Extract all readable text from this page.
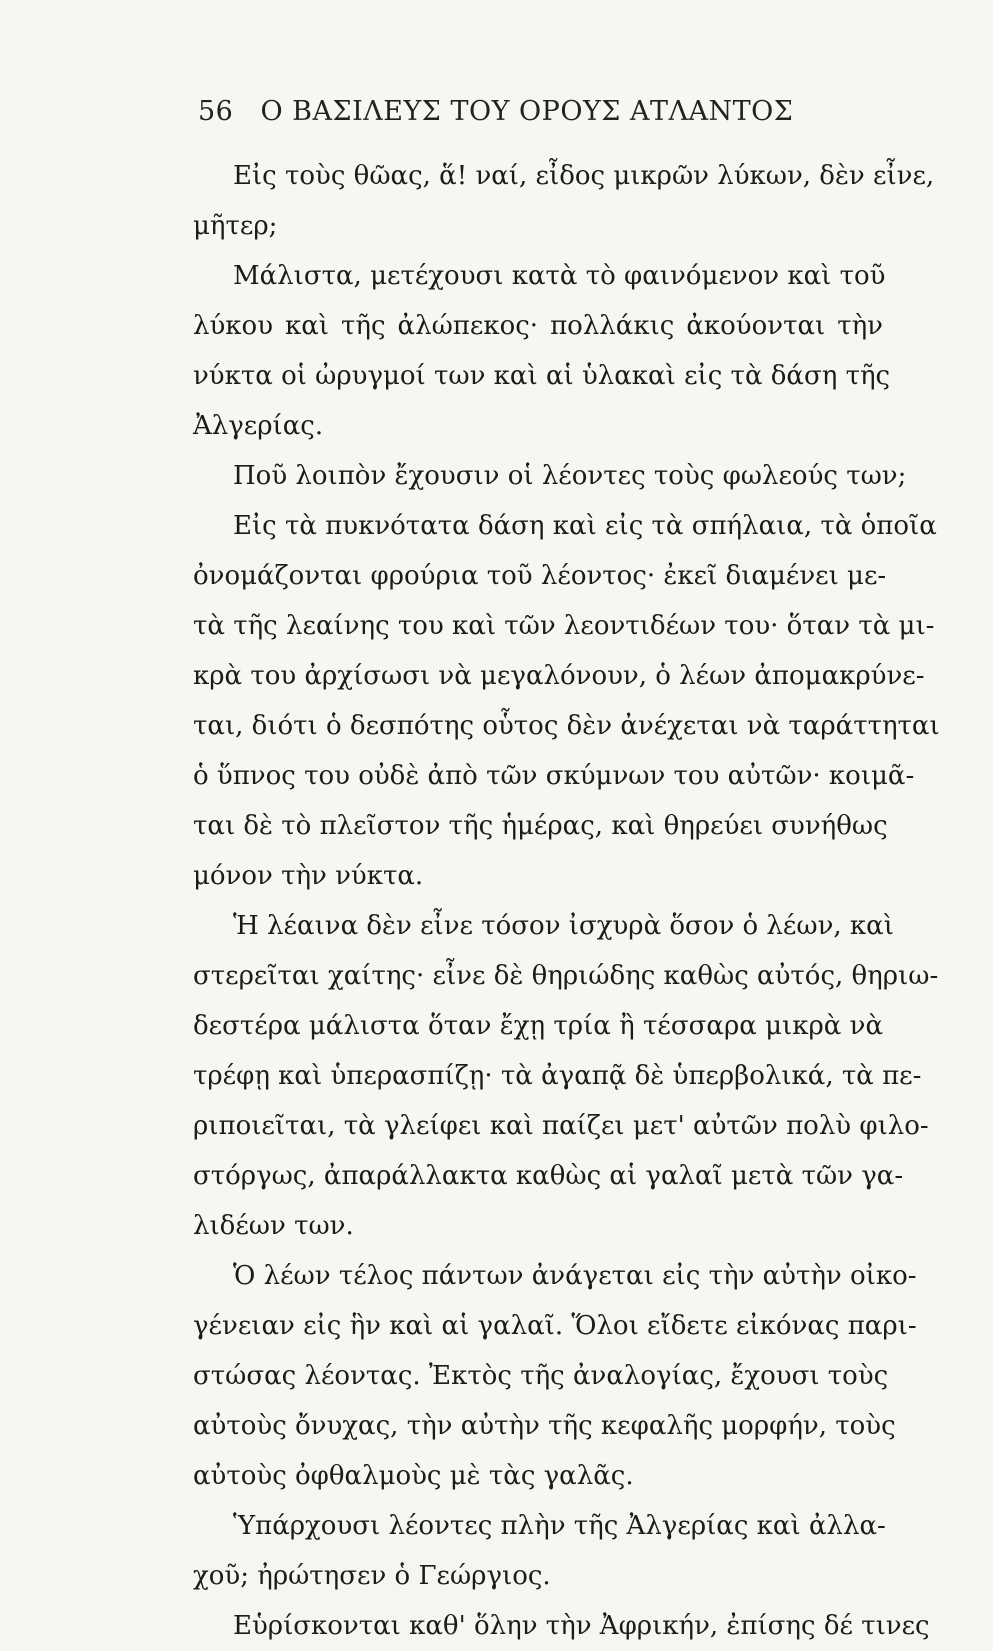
56 Ο ΒΑΣΙΛΕΥΣ ΤΟΥ ΟΡΟΥΣ ΑΤΛΑΝΤΟΣ
Εἰς τοὺς θῶας, ἅ! ναί, εἶδος μικρῶν λύκων, δὲν εἶνε,
μῆτερ;
Μάλιστα, μετέχουσι κατὰ τὸ φαινόμενον καὶ τοῦ
λύκου καὶ τῆς ἀλώπεκος· πολλάκις ἀκούονται τὴν
νύκτα οἱ ὠρυγμοί των καὶ αἱ ὑλακαὶ εἰς τὰ δάση τῆς
Ἀλγερίας.
Ποῦ λοιπὸν ἔχουσιν οἱ λέοντες τοὺς φωλεούς των;
Εἰς τὰ πυκνότατα δάση καὶ εἰς τὰ σπήλαια, τὰ ὁποῖα
ὀνομάζονται φρούρια τοῦ λέοντος· ἐκεῖ διαμένει με-
τὰ τῆς λεαίνης του καὶ τῶν λεοντιδέων του· ὅταν τὰ μι-
κρὰ του ἀρχίσωσι νὰ μεγαλόνουν, ὁ λέων ἀπομακρύνε-
ται, διότι ὁ δεσπότης οὗτος δὲν ἀνέχεται νὰ ταράττηται
ὁ ὕπνος του οὐδὲ ἀπὸ τῶν σκύμνων του αὐτῶν· κοιμᾶ-
ται δὲ τὸ πλεῖστον τῆς ἡμέρας, καὶ θηρεύει συνήθως
μόνον τὴν νύκτα.
Ἡ λέαινα δὲν εἶνε τόσον ἰσχυρὰ ὅσον ὁ λέων, καὶ
στερεῖται χαίτης· εἶνε δὲ θηριώδης καθὼς αὐτός, θηριω-
δεστέρα μάλιστα ὅταν ἔχῃ τρία ἢ τέσσαρα μικρὰ νὰ
τρέφῃ καὶ ὑπερασπίζῃ· τὰ ἀγαπᾷ δὲ ὑπερβολικά, τὰ πε-
ριποιεῖται, τὰ γλείφει καὶ παίζει μετ' αὐτῶν πολὺ φιλο-
στόργως, ἀπαράλλακτα καθὼς αἱ γαλαῖ μετὰ τῶν γα-
λιδέων των.
Ὁ λέων τέλος πάντων ἀνάγεται εἰς τὴν αὐτὴν οἰκο-
γένειαν εἰς ἣν καὶ αἱ γαλαῖ. Ὅλοι εἴδετε εἰκόνας παρι-
στώσας λέοντας. Ἐκτὸς τῆς ἀναλογίας, ἔχουσι τοὺς
αὐτοὺς ὄνυχας, τὴν αὐτὴν τῆς κεφαλῆς μορφήν, τοὺς
αὐτοὺς ὀφθαλμοὺς μὲ τὰς γαλᾶς.
Ὑπάρχουσι λέοντες πλὴν τῆς Ἀλγερίας καὶ ἀλλα-
χοῦ; ἠρώτησεν ὁ Γεώργιος.
Εὑρίσκονται καθ' ὅλην τὴν Ἀφρικήν, ἐπίσης δέ τινες
